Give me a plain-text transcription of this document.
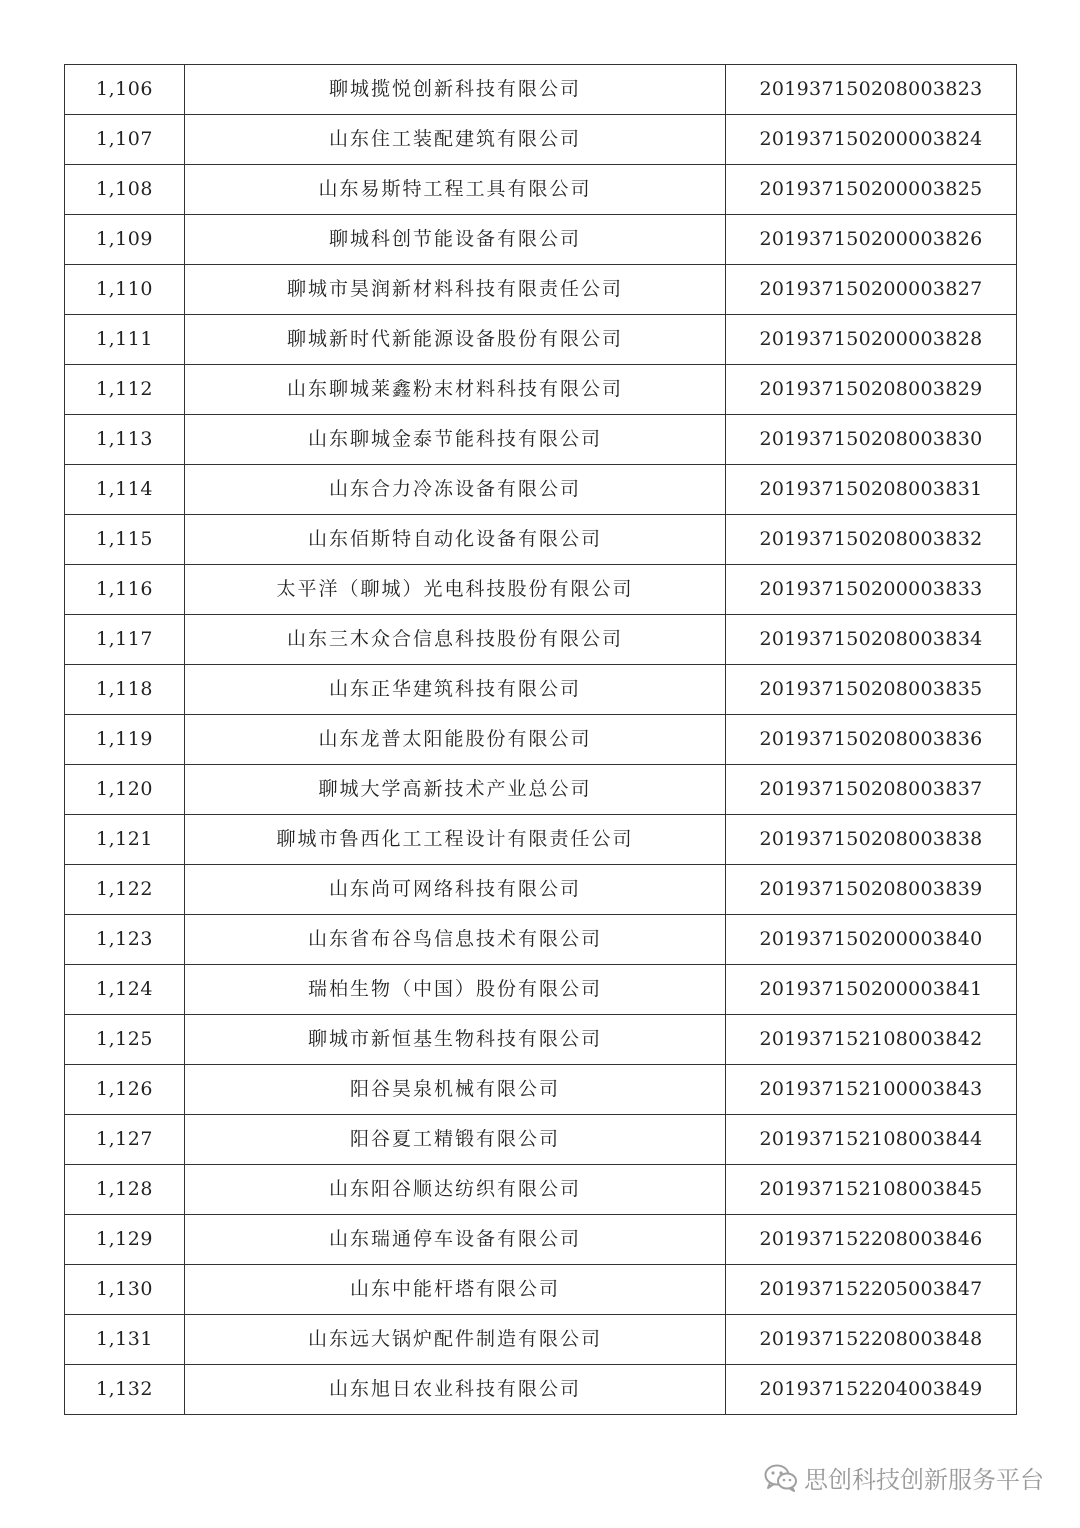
1,106	聊城揽悦创新科技有限公司	201937150208003823
1,107	山东住工装配建筑有限公司	201937150200003824
1,108	山东易斯特工程工具有限公司	201937150200003825
1,109	聊城科创节能设备有限公司	201937150200003826
1,110	聊城市昊润新材料科技有限责任公司	201937150200003827
1,111	聊城新时代新能源设备股份有限公司	201937150200003828
1,112	山东聊城莱鑫粉末材料科技有限公司	201937150208003829
1,113	山东聊城金泰节能科技有限公司	201937150208003830
1,114	山东合力冷冻设备有限公司	201937150208003831
1,115	山东佰斯特自动化设备有限公司	201937150208003832
1,116	太平洋（聊城）光电科技股份有限公司	201937150200003833
1,117	山东三木众合信息科技股份有限公司	201937150208003834
1,118	山东正华建筑科技有限公司	201937150208003835
1,119	山东龙普太阳能股份有限公司	201937150208003836
1,120	聊城大学高新技术产业总公司	201937150208003837
1,121	聊城市鲁西化工工程设计有限责任公司	201937150208003838
1,122	山东尚可网络科技有限公司	201937150208003839
1,123	山东省布谷鸟信息技术有限公司	201937150200003840
1,124	瑞柏生物（中国）股份有限公司	201937150200003841
1,125	聊城市新恒基生物科技有限公司	201937152108003842
1,126	阳谷昊泉机械有限公司	201937152100003843
1,127	阳谷夏工精锻有限公司	201937152108003844
1,128	山东阳谷顺达纺织有限公司	201937152108003845
1,129	山东瑞通停车设备有限公司	201937152208003846
1,130	山东中能杆塔有限公司	201937152205003847
1,131	山东远大锅炉配件制造有限公司	201937152208003848
1,132	山东旭日农业科技有限公司	201937152204003849
思创科技创新服务平台
